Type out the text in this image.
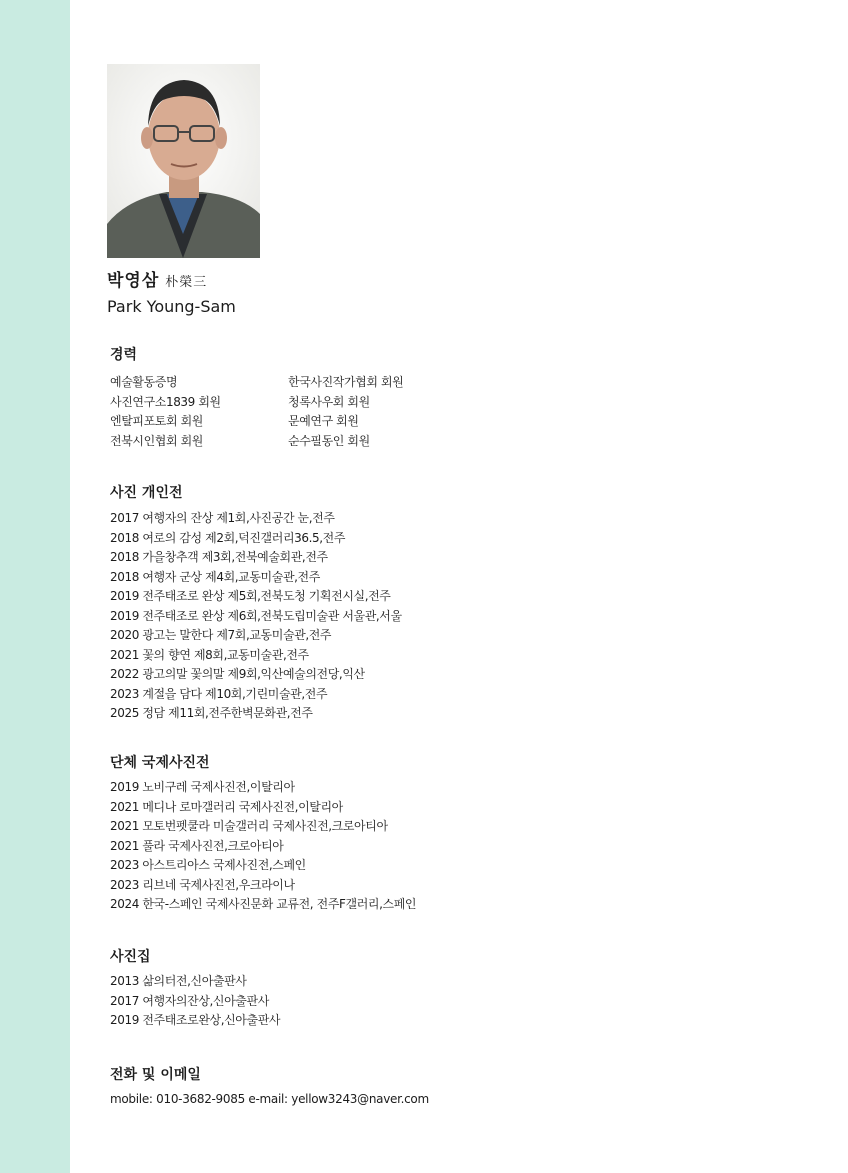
박영삼 朴榮三
Park Young-Sam
경력
예술활동증명
사진연구소1839 회원
엔탈피포토회 회원
전북시인협회 회원
한국사진작가협회 회원
청록사우회 회원
문예연구 회원
순수필동인 회원
사진 개인전
2017 여행자의 잔상 제1회,사진공간 눈,전주
2018 여로의 감성 제2회,덕진갤러리36.5,전주
2018 가을창추객 제3회,전북예술회관,전주
2018 여행자 군상 제4회,교동미술관,전주
2019 전주태조로 완상 제5회,전북도청 기획전시실,전주
2019 전주태조로 완상 제6회,전북도립미술관 서울관,서울
2020 광고는 말한다 제7회,교동미술관,전주
2021 꽃의 향연 제8회,교동미술관,전주
2022 광고의말 꽃의말 제9회,익산예술의전당,익산
2023 계절을 담다 제10회,기린미술관,전주
2025 정담 제11회,전주한벽문화관,전주
단체 국제사진전
2019 노비구레 국제사진전,이탈리아
2021 메디나 로마갤러리 국제사진전,이탈리아
2021 모토번펫쿨라 미술갤러리 국제사진전,크로아티아
2021 풀라 국제사진전,크로아티아
2023 아스트리아스 국제사진전,스페인
2023 리브네 국제사진전,우크라이나
2024 한국-스페인 국제사진문화 교류전, 전주F갤러리,스페인
사진집
2013 삶의터전,신아출판사
2017 여행자의잔상,신아출판사
2019 전주태조로완상,신아출판사
전화 및 이메일
mobile: 010-3682-9085 e-mail: yellow3243@naver.com
